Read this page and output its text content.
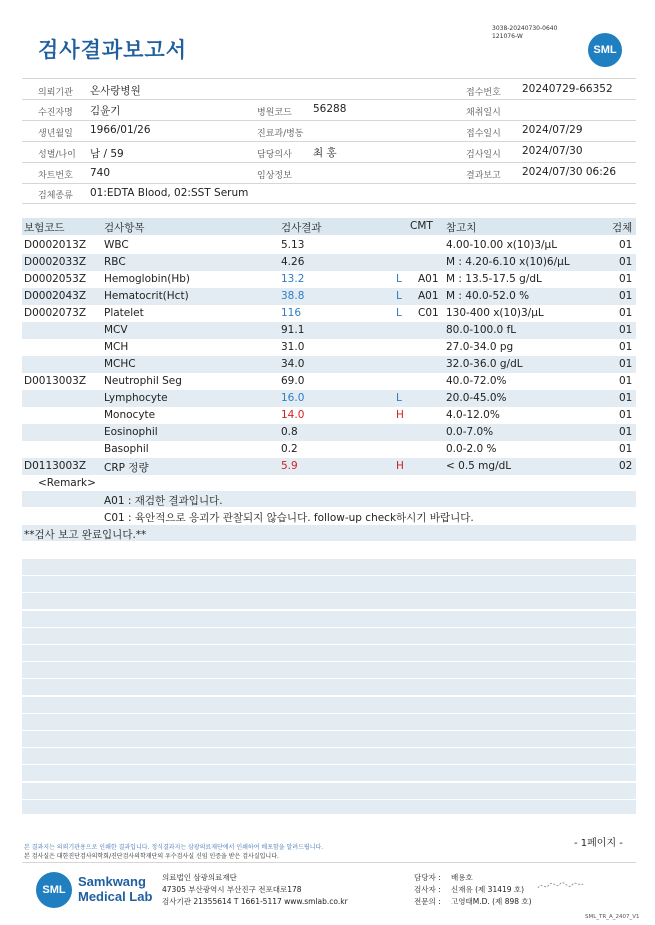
검사결과보고서
3038-20240730-0640
121076-W
SML
의뢰기관 온사랑병원	접수번호 20240729-66352
수진자명 김윤기	병원코드 56288	채취일시
생년월일 1966/01/26	진료과/병동	접수일시 2024/07/29
성별/나이 남 / 59	담당의사 최 홍	검사일시 2024/07/30
차트번호 740	임상정보	결과보고 2024/07/30 06:26
검체종류 01:EDTA Blood, 02:SST Serum
보험코드	검사항목	검사결과	CMT 참고치	검체
D0002013Z WBC	5.13	4.00-10.00 x(10)3/μL	01
D0002033Z RBC	4.26	M : 4.20-6.10 x(10)6/μL	01
D0002053Z Hemoglobin(Hb)	13.2	L A01 M : 13.5-17.5 g/dL	01
D0002043Z Hematocrit(Hct)	38.8	L A01 M : 40.0-52.0 %	01
D0002073Z Platelet	116	L C01 130-400 x(10)3/μL	01
MCV	91.1	80.0-100.0 fL	01
MCH	31.0	27.0-34.0 pg	01
MCHC	34.0	32.0-36.0 g/dL	01
D0013003Z Neutrophil Seg	69.0	40.0-72.0%	01
Lymphocyte	16.0	L	20.0-45.0%	01
Monocyte	14.0	H	4.0-12.0%	01
Eosinophil	0.8	0.0-7.0%	01
Basophil	0.2	0.0-2.0 %	01
D0113003Z CRP 정량	5.9	H	< 0.5 mg/dL	02
<Remark>
A01 : 재검한 결과입니다.
C01 : 육안적으로 응괴가 관찰되지 않습니다. follow-up check하시기 바랍니다.
**검사 보고 완료입니다.**
본 결과지는 의뢰기관용으로 인쇄한 결과입니다. 정식결과지는 삼광의료재단에서 인쇄하여 배포함을 알려드립니다.
본 검사실은 대한진단검사의학회/진단검사의학재단의 우수검사실 신임 인증을 받은 검사실입니다.
- 1페이지 -
SML
Samkwang
Medical Lab
의료법인 삼광의료재단
47305 부산광역시 부산진구 전포대로178
검사기관 21355614 T 1661-5117 www.smlab.co.kr
담당자 : 배용호
검사자 : 신재유 (제 31419 호)
전문의 : 고영태M.D. (제 898 호)
SML_TR_A_2407_V1
